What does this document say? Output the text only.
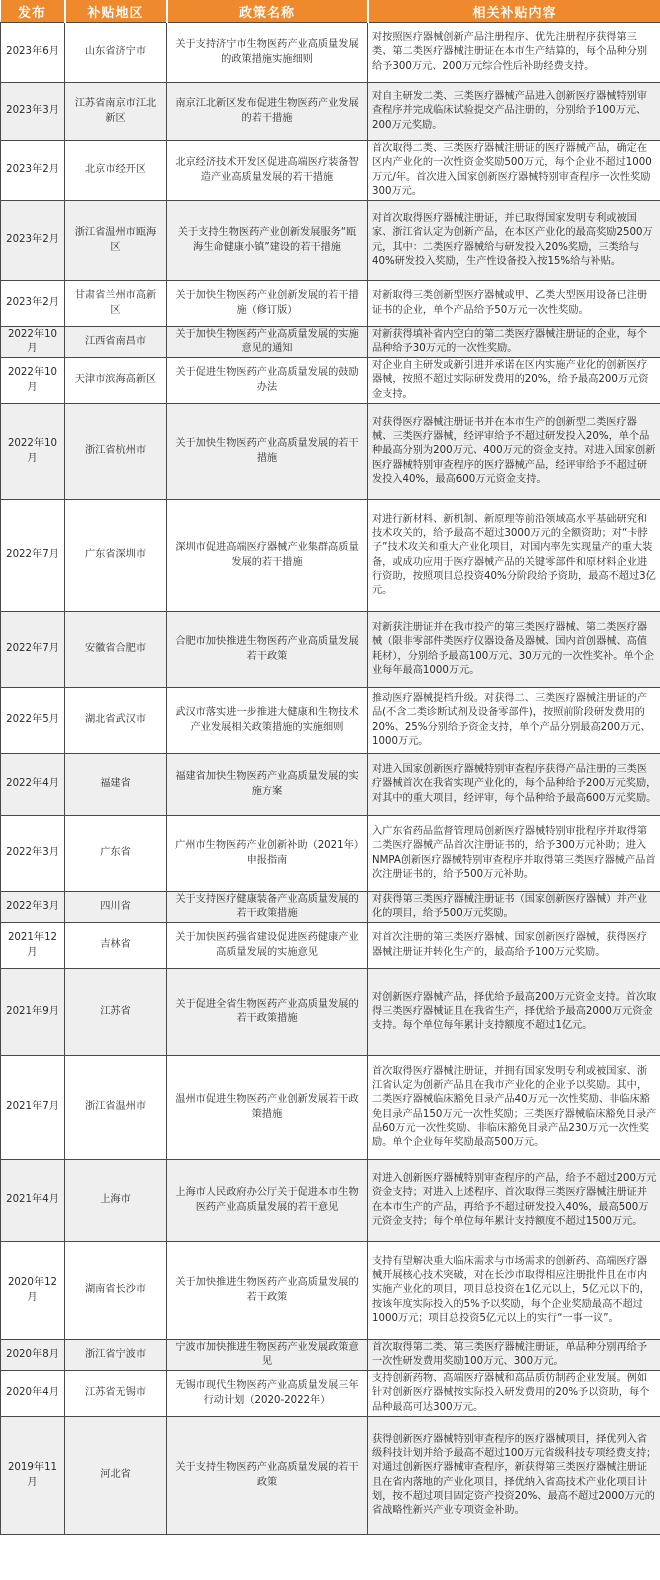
发布	补贴地区	政策名称	相关补贴内容
2023年6月	山东省济宁市	关于支持济宁市生物医药产业高质量发展的政策措施实施细则	对按照医疗器械创新产品注册程序、优先注册程序获得第三类、第二类医疗器械注册证在本市生产结算的，每个品种分别给予300万元、200万元综合性后补助经费支持。
2023年3月	江苏省南京市江北新区	南京江北新区发布促进生物医药产业发展的若干措施	对自主研发二类、三类医疗器械产品进入创新医疗器械特别审查程序并完成临床试验提交产品注册的，分别给予100万元、200万元奖励。
2023年2月	北京市经开区	北京经济技术开发区促进高端医疗装备智造产业高质量发展的若干措施	首次取得二类、三类医疗器械注册证的医疗器械产品，确定在区内产业化的一次性资金奖励500万元，每个企业不超过1000万元/年。首次进入国家创新医疗器械特别审查程序一次性奖励300万元。
2023年2月	浙江省温州市瓯海区	关于支持生物医药产业创新发展服务“瓯海生命健康小镇”建设的若干措施	对首次取得医疗器械注册证，并已取得国家发明专利或被国家、浙江省认定为创新产品，在本区产业化的最高奖励2500万元，其中：二类医疗器械给与研发投入20%奖励，三类给与40%研发投入奖励，生产性设备投入按15%给与补贴。
2023年2月	甘肃省兰州市高新区	关于加快生物医药产业创新发展的若干措施（修订版）	对新取得三类创新型医疗器械或甲、乙类大型医用设备已注册证书的企业，单个产品给予50万元一次性奖励。
2022年10月	江西省南昌市	关于加快生物医药产业高质量发展的实施意见的通知	对新获得填补省内空白的第二类医疗器械注册证的企业，每个品种给予30万元的一次性奖励。
2022年10月	天津市滨海高新区	关于促进生物医药产业高质量发展的鼓励办法	对企业自主研发或新引进并承诺在区内实施产业化的创新医疗器械，按照不超过实际研发费用的20%，给予最高200万元资金支持。
2022年10月	浙江省杭州市	关于加快生物医药产业高质量发展的若干措施	对获得医疗器械注册证书并在本市生产的创新型二类医疗器械、三类医疗器械，经评审给予不超过研发投入20%，单个品种最高分别为200万元、400万元的资金支持。对进入国家创新医疗器械特别审查程序的医疗器械产品，经评审给予不超过研发投入40%，最高600万元资金支持。
2022年7月	广东省深圳市	深圳市促进高端医疗器械产业集群高质量发展的若干措施	对进行新材料、新机制、新原理等前沿领域高水平基础研究和技术攻关的，给予最高不超过3000万元的全额资助；对“卡脖子”技术攻关和重大产业化项目，对国内率先实现量产的重大装备，或成功应用于医疗器械产品的关键零部件和原材料企业进行资助，按照项目总投资40%分阶段给予资助，最高不超过3亿元。
2022年7月	安徽省合肥市	合肥市加快推进生物医药产业高质量发展若干政策	对新获注册证并在我市投产的第三类医疗器械、第二类医疗器械（限非零部件类医疗仪器设备及器械、国内首创器械、高值耗材），分别给予最高100万元、30万元的一次性奖补。单个企业每年最高1000万元。
2022年5月	湖北省武汉市	武汉市落实进一步推进大健康和生物技术产业发展相关政策措施的实施细则	推动医疗器械提档升级。对获得二、三类医疗器械注册证的产品(不含二类诊断试剂及设备零部件)，按照前阶段研发费用的20%、25%分别给予资金支持，单个产品分别最高200万元、1000万元。
2022年4月	福建省	福建省加快生物医药产业高质量发展的实施方案	对进入国家创新医疗器械特别审查程序获得产品注册的三类医疗器械首次在我省实现产业化的，每个品种给予200万元奖励，对其中的重大项目，经评审，每个品种给予最高600万元奖励。
2022年3月	广东省	广州市生物医药产业创新补助（2021年）申报指南	入广东省药品监督管理局创新医疗器械特别审批程序并取得第二类医疗器械产品首次注册证书的，给予300万元补助；进入NMPA创新医疗器械特别审查程序并取得第三类医疗器械产品首次注册证书的，给予500万元补助。
2022年3月	四川省	关于支持医疗健康装备产业高质量发展的若干政策措施	对获得第三类医疗器械注册证书（国家创新医疗器械）并产业化的项目，给予500万元奖励。
2021年12月	吉林省	关于加快医药强省建设促进医药健康产业高质量发展的实施意见	对首次注册的第三类医疗器械、国家创新医疗器械，获得医疗器械注册证并转化生产的，最高给予100万元奖励。
2021年9月	江苏省	关于促进全省生物医药产业高质量发展的若干政策措施	对创新医疗器械产品，择优给予最高200万元资金支持。首次取得三类医疗器械证且在我省生产，择优给予最高2000万元资金支持。每个单位每年累计支持额度不超过1亿元。
2021年7月	浙江省温州市	温州市促进生物医药产业创新发展若干政策措施	首次取得医疗器械注册证，并拥有国家发明专利或被国家、浙江省认定为创新产品且在我市产业化的企业予以奖励。其中，二类医疗器械临床豁免目录产品40万元一次性奖励、非临床豁免目录产品150万元一次性奖励；三类医疗器械临床豁免目录产品60万元一次性奖励、非临床豁免目录产品230万元一次性奖励。单个企业每年奖励最高500万元。
2021年4月	上海市	上海市人民政府办公厅关于促进本市生物医药产业高质量发展的若干意见	对进入创新医疗器械特别审查程序的产品，给予不超过200万元资金支持；对进入上述程序、首次取得三类医疗器械注册证并在本市生产的产品，再给予不超过研发投入40%，最高500万元资金支持；每个单位每年累计支持额度不超过1500万元。
2020年12月	湖南省长沙市	关于加快推进生物医药产业高质量发展的若干政策	支持有望解决重大临床需求与市场需求的创新药、高端医疗器械开展核心技术突破，对在长沙市取得相应注册批件且在市内实施产业化的项目，项目总投资在1亿元以上，5亿元以下的，按该年度实际投入的5%予以奖励，每个企业奖励最高不超过1000万元；项目总投资5亿元以上的实行“一事一议”。
2020年8月	浙江省宁波市	宁波市加快推进生物医药产业发展政策意见	首次取得第二类、第三类医疗器械注册证，单品种分别再给予一次性研发费用奖励100万元、300万元。
2020年4月	江苏省无锡市	无锡市现代生物医药产业高质量发展三年行动计划（2020-2022年）	支持创新药物、高端医疗器械和高品质仿制药企业发展。例如针对创新医疗器械按实际投入研发费用的20%予以资助，每个品种最高可达300万元。
2019年11月	河北省	关于支持生物医药产业高质量发展的若干政策	获得创新医疗器械特别审查程序的医疗器械项目，择优列入省级科技计划并给予最高不超过100万元省级科技专项经费支持；对通过创新医疗器械审查程序，新获得第三类医疗器械注册证且在省内落地的产业化项目，择优纳入省高技术产业化项目计划，按不超过项目固定资产投资20%、最高不超过2000万元的省战略性新兴产业专项资金补助。
